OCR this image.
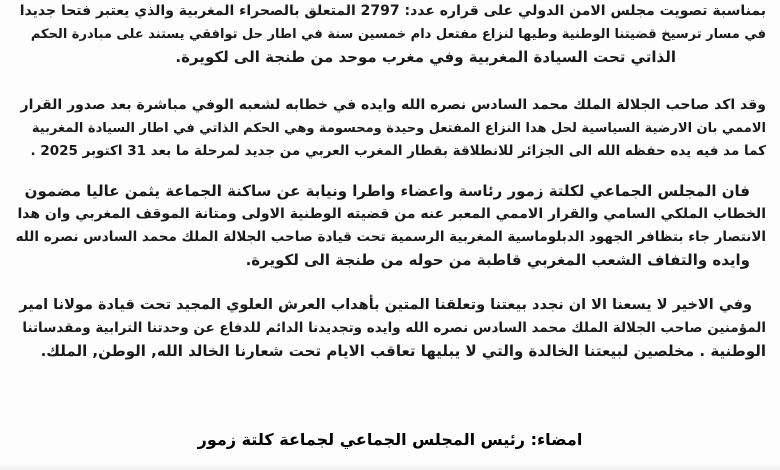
بمناسبة تصويت مجلس الامن الدولي على قراره عدد: 2797 المتعلق بالصحراء المغربية والذي يعتبر فتحا جديدا
في مسار ترسيخ قضيتنا الوطنية وطيها لنزاع مفتعل دام خمسين سنة في اطار حل توافقي يستند على مبادرة الحكم
الذاتي تحت السيادة المغربية وفي مغرب موحد من طنجة الى لكويرة.
وقد اكد صاحب الجلالة الملك محمد السادس نصره الله وايده في خطابه لشعبه الوفي مباشرة بعد صدور القرار
الاممي بان الارضية السياسية لحل هدا النزاع المفتعل وحيدة ومحسومة وهي الحكم الذاتي في اطار السيادة المغربية
كما مد فيه يده حفظه الله الى الجزائر للانطلاقة بقطار المغرب العربي من جديد لمرحلة ما بعد 31 اكتوبر 2025 .
فان المجلس الجماعي لكلتة زمور رئاسة واعضاء واطرا ونيابة عن ساكنة الجماعة يثمن عاليا مضمون
الخطاب الملكي السامي والقرار الاممي المعبر عنه من قضيته الوطنية الاولى ومتانة الموقف المغربي وان هدا
الانتصار جاء بتظافر الجهود الدبلوماسية المغربية الرسمية تحت قيادة صاحب الجلالة الملك محمد السادس نصره الله
وايده والتفاف الشعب المغربي قاطبة من حوله من طنجة الى لكويرة.
وفي الاخير لا يسعنا الا ان نجدد بيعتنا وتعلقنا المتين بأهداب العرش العلوي المجيد تحت قيادة مولانا امير
المؤمنين صاحب الجلالة الملك محمد السادس نصره الله وايده وتجديدنا الدائم للدفاع عن وحدتنا الترابية ومقدساتنا
الوطنية . مخلصين لبيعتنا الخالدة والتي لا يبليها تعاقب الايام تحت شعارنا الخالد الله, الوطن, الملك.
امضاء: رئيس المجلس الجماعي لجماعة كلتة زمور
